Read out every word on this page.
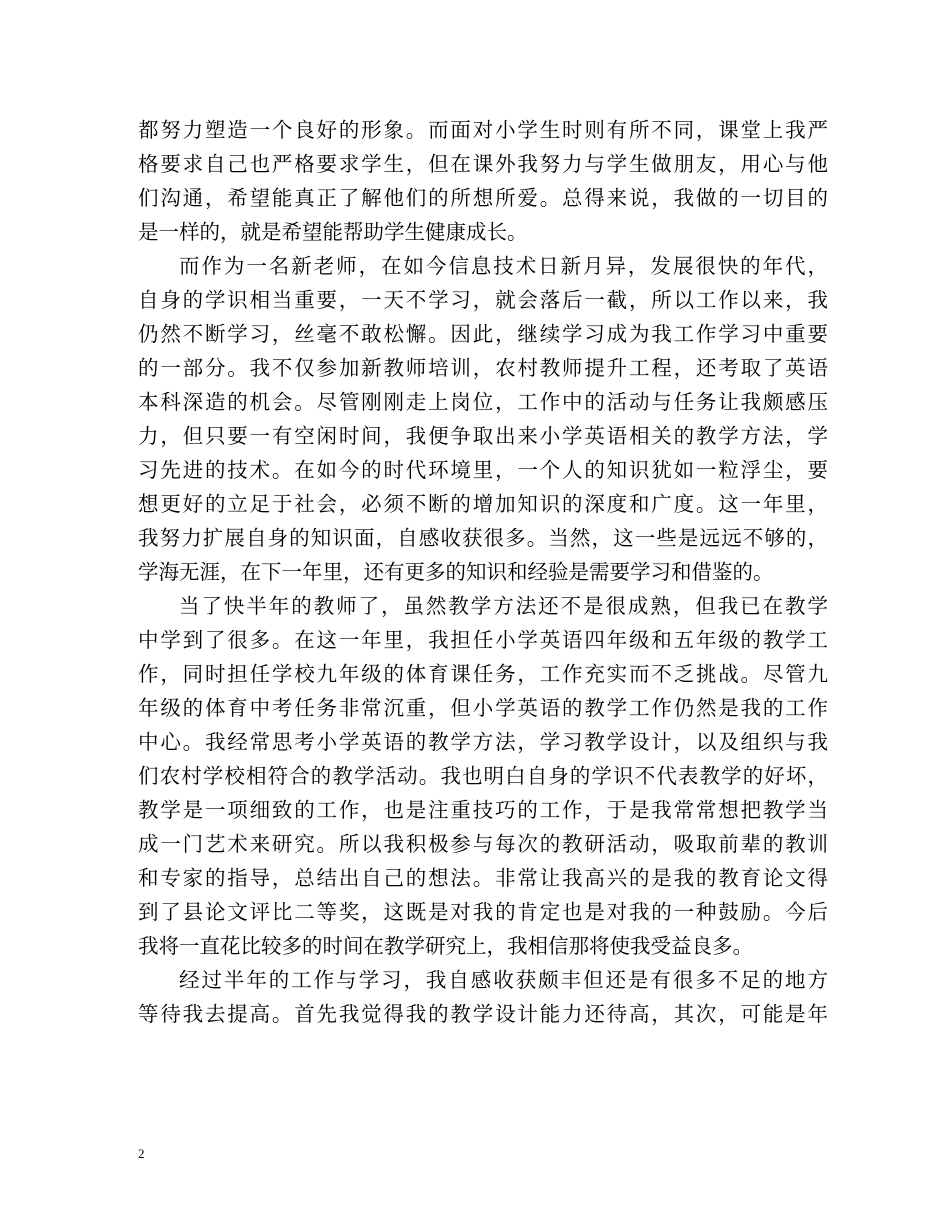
都努力塑造一个良好的形象。而面对小学生时则有所不同，课堂上我严
格要求自己也严格要求学生，但在课外我努力与学生做朋友，用心与他
们沟通，希望能真正了解他们的所想所爱。总得来说，我做的一切目的
是一样的，就是希望能帮助学生健康成长。
而作为一名新老师，在如今信息技术日新月异，发展很快的年代，
自身的学识相当重要，一天不学习，就会落后一截，所以工作以来，我
仍然不断学习，丝毫不敢松懈。因此，继续学习成为我工作学习中重要
的一部分。我不仅参加新教师培训，农村教师提升工程，还考取了英语
本科深造的机会。尽管刚刚走上岗位，工作中的活动与任务让我颇感压
力，但只要一有空闲时间，我便争取出来小学英语相关的教学方法，学
习先进的技术。在如今的时代环境里，一个人的知识犹如一粒浮尘，要
想更好的立足于社会，必须不断的增加知识的深度和广度。这一年里，
我努力扩展自身的知识面，自感收获很多。当然，这一些是远远不够的，
学海无涯，在下一年里，还有更多的知识和经验是需要学习和借鉴的。
当了快半年的教师了，虽然教学方法还不是很成熟，但我已在教学
中学到了很多。在这一年里，我担任小学英语四年级和五年级的教学工
作，同时担任学校九年级的体育课任务，工作充实而不乏挑战。尽管九
年级的体育中考任务非常沉重，但小学英语的教学工作仍然是我的工作
中心。我经常思考小学英语的教学方法，学习教学设计，以及组织与我
们农村学校相符合的教学活动。我也明白自身的学识不代表教学的好坏，
教学是一项细致的工作，也是注重技巧的工作，于是我常常想把教学当
成一门艺术来研究。所以我积极参与每次的教研活动，吸取前辈的教训
和专家的指导，总结出自己的想法。非常让我高兴的是我的教育论文得
到了县论文评比二等奖，这既是对我的肯定也是对我的一种鼓励。今后
我将一直花比较多的时间在教学研究上，我相信那将使我受益良多。
经过半年的工作与学习，我自感收获颇丰但还是有很多不足的地方
等待我去提高。首先我觉得我的教学设计能力还待高，其次，可能是年
2
